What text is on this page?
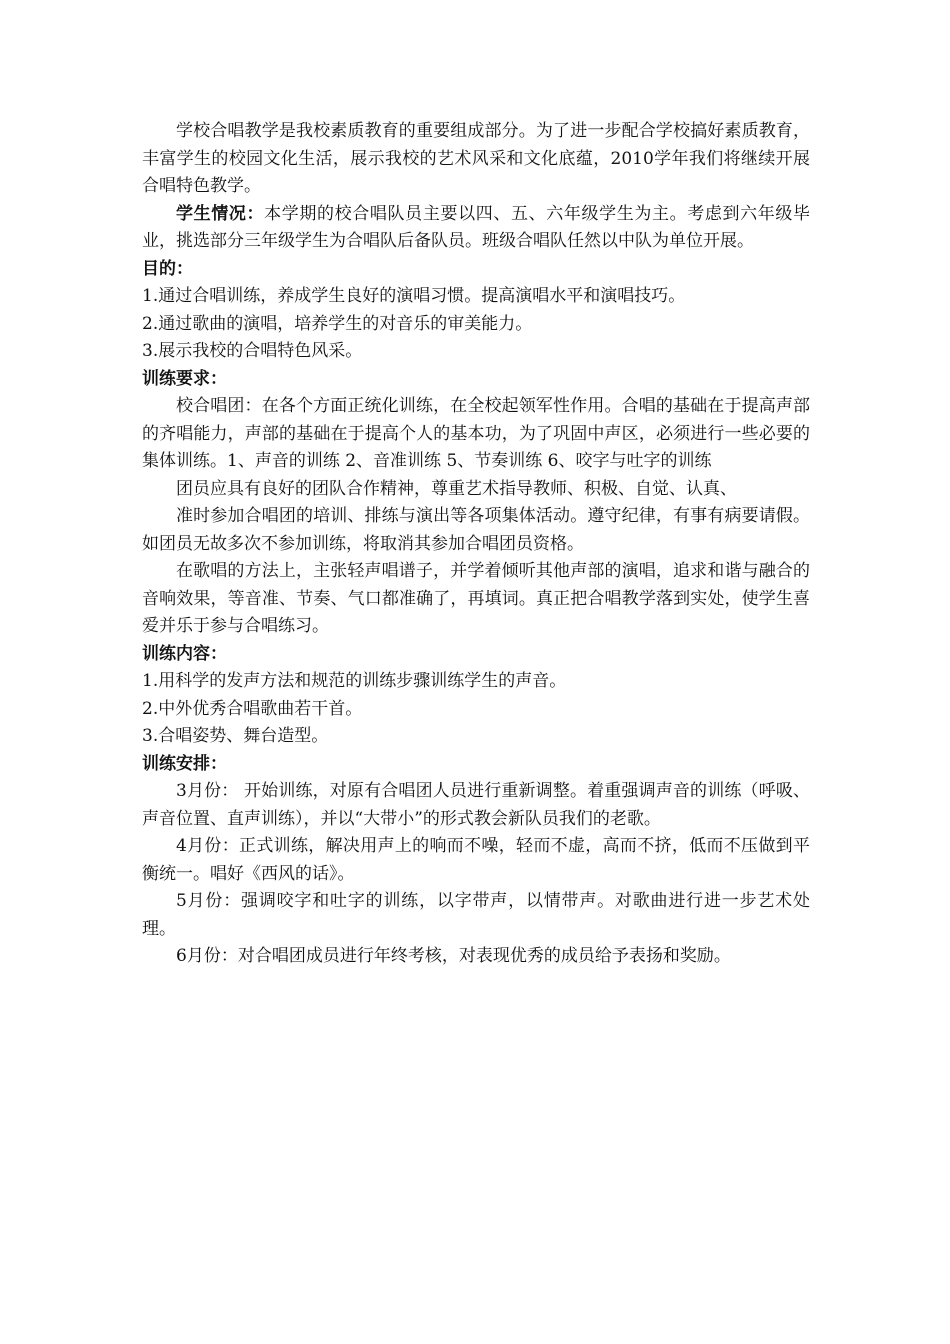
学校合唱教学是我校素质教育的重要组成部分。为了进一步配合学校搞好素质教育，丰富学生的校园文化生活，展示我校的艺术风采和文化底蕴，2010学年我们将继续开展合唱特色教学。

学生情况：本学期的校合唱队员主要以四、五、六年级学生为主。考虑到六年级毕业，挑选部分三年级学生为合唱队后备队员。班级合唱队任然以中队为单位开展。

目的：

1.通过合唱训练，养成学生良好的演唱习惯。提高演唱水平和演唱技巧。

2.通过歌曲的演唱，培养学生的对音乐的审美能力。

3.展示我校的合唱特色风采。

训练要求：

校合唱团：在各个方面正统化训练，在全校起领军性作用。合唱的基础在于提高声部的齐唱能力，声部的基础在于提高个人的基本功，为了巩固中声区，必须进行一些必要的集体训练。1、声音的训练 2、音准训练 5、节奏训练 6、咬字与吐字的训练

团员应具有良好的团队合作精神，尊重艺术指导教师、积极、自觉、认真、

准时参加合唱团的培训、排练与演出等各项集体活动。遵守纪律，有事有病要请假。如团员无故多次不参加训练，将取消其参加合唱团员资格。

在歌唱的方法上，主张轻声唱谱子，并学着倾听其他声部的演唱，追求和谐与融合的音响效果，等音准、节奏、气口都准确了，再填词。真正把合唱教学落到实处，使学生喜爱并乐于参与合唱练习。

训练内容：

1.用科学的发声方法和规范的训练步骤训练学生的声音。

2.中外优秀合唱歌曲若干首。

3.合唱姿势、舞台造型。

训练安排：

3月份： 开始训练，对原有合唱团人员进行重新调整。着重强调声音的训练（呼吸、声音位置、直声训练），并以“大带小”的形式教会新队员我们的老歌。

4月份：正式训练，解决用声上的响而不噪，轻而不虚，高而不挤，低而不压做到平衡统一。唱好《西风的话》。

5月份：强调咬字和吐字的训练，以字带声，以情带声。对歌曲进行进一步艺术处理。

6月份：对合唱团成员进行年终考核，对表现优秀的成员给予表扬和奖励。
